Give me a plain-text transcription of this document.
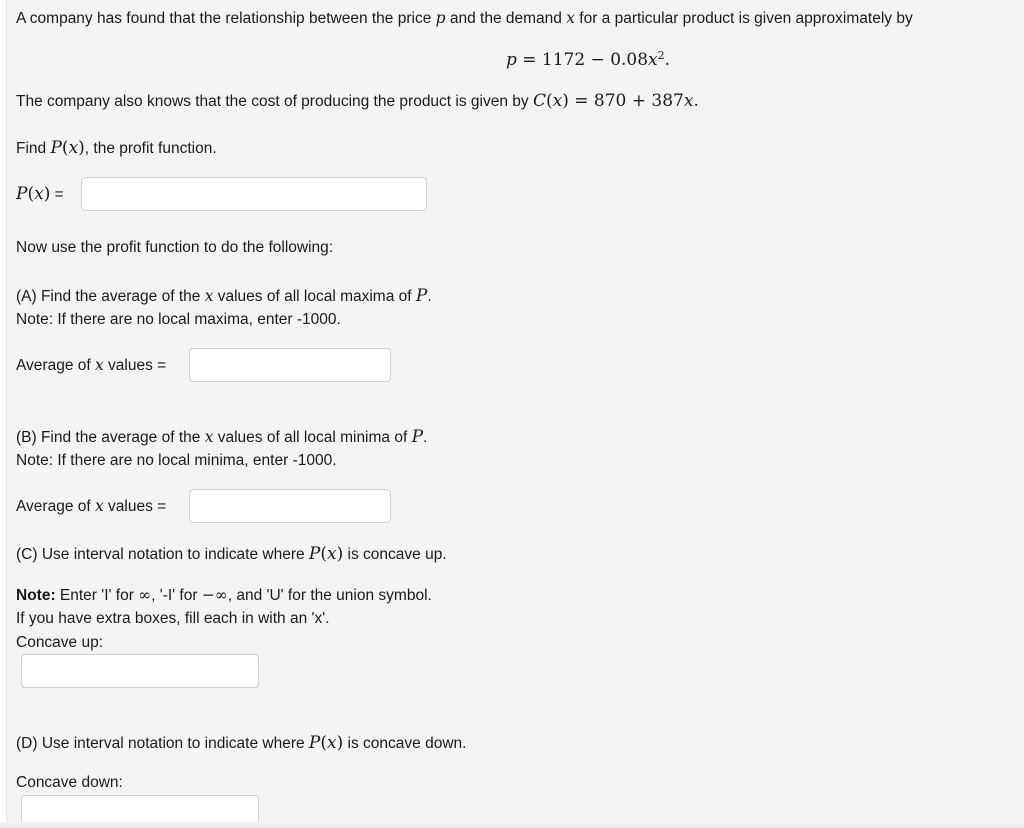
A company has found that the relationship between the price p and the demand x for a particular product is given approximately by
$p = 1172 - 0.08x^2$.
The company also knows that the cost of producing the product is given by C(x) = 870 + 387x.
Find P(x), the profit function.
P(x) =
Now use the profit function to do the following:
(A) Find the average of the x values of all local maxima of P.
Note: If there are no local maxima, enter -1000.
Average of x values =
(B) Find the average of the x values of all local minima of P.
Note: If there are no local minima, enter -1000.
Average of x values =
(C) Use interval notation to indicate where P(x) is concave up.
Note: Enter 'I' for ∞, '-I' for −∞, and 'U' for the union symbol.
If you have extra boxes, fill each in with an 'x'.
Concave up:
(D) Use interval notation to indicate where P(x) is concave down.
Concave down:
